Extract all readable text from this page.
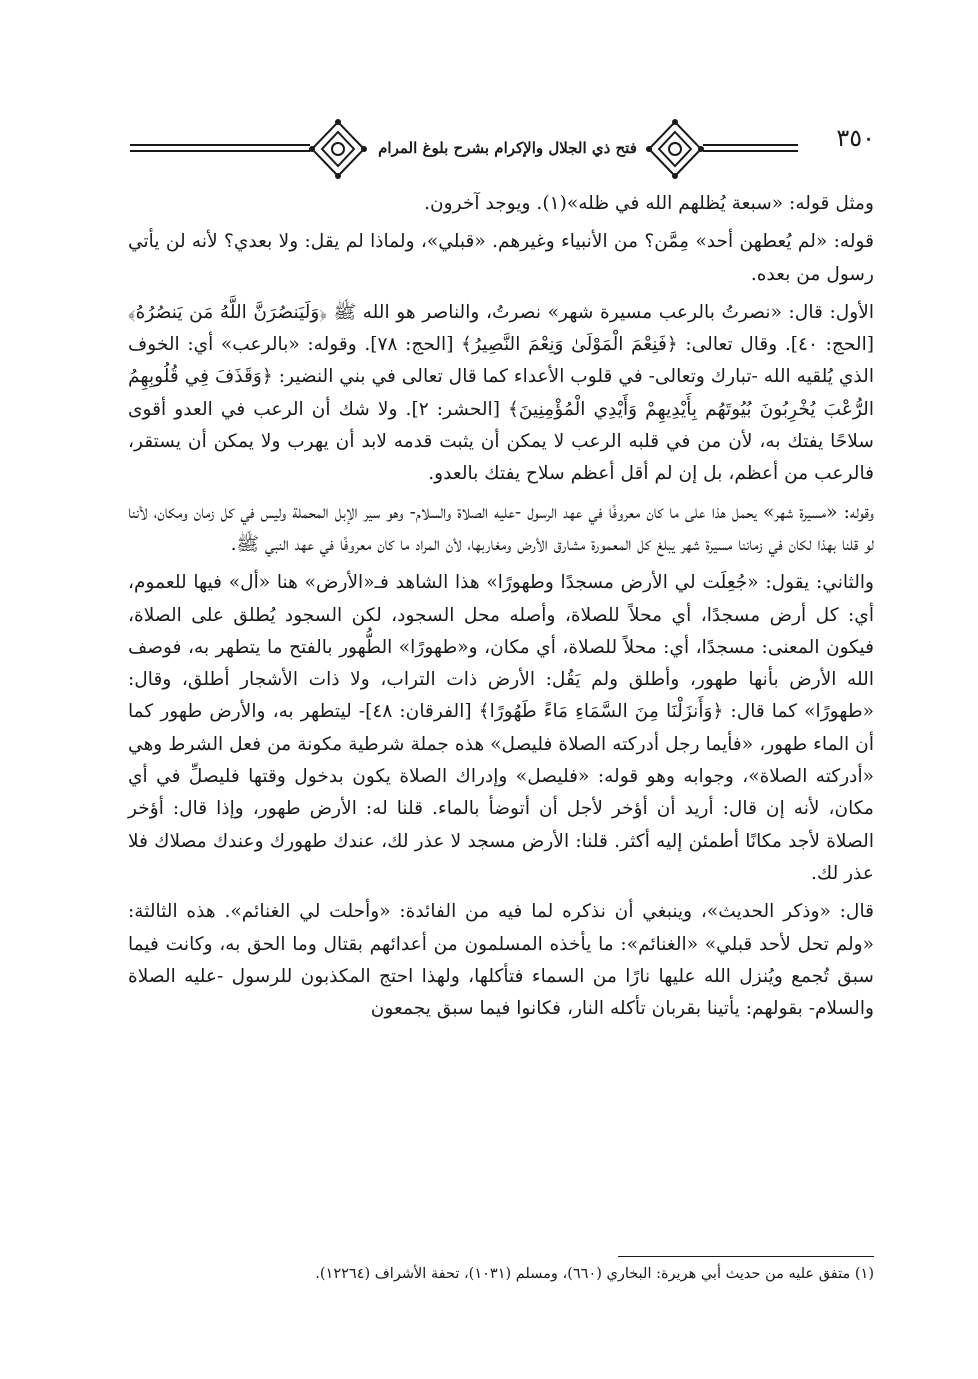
فتح ذي الجلال والإكرام بشرح بلوغ المرام	٣٥٠

ومثل قوله: «سبعة يُظلهم الله في ظله»(١). ويوجد آخرون.

قوله: «لم يُعطهن أحد» مِمَّن؟ من الأنبياء وغيرهم. «قبلي»، ولماذا لم يقل: ولا بعدي؟ لأنه لن يأتي رسول من بعده.

الأول: قال: «نصرتُ بالرعب مسيرة شهر» نصرتُ، والناصر هو الله ﷺ ﴿وَلَيَنصُرَنَّ اللَّهُ مَن يَنصُرُهُ﴾ [الحج: ٤٠]. وقال تعالى: ﴿فَنِعْمَ الْمَوْلَىٰ وَنِعْمَ النَّصِيرُ﴾ [الحج: ٧٨]. وقوله: «بالرعب» أي: الخوف الذي يُلقيه الله -تبارك وتعالى- في قلوب الأعداء كما قال تعالى في بني النضير: ﴿وَقَذَفَ فِي قُلُوبِهِمُ الرُّعْبَ يُخْرِبُونَ بُيُوتَهُم بِأَيْدِيهِمْ وَأَيْدِي الْمُؤْمِنِينَ﴾ [الحشر: ٢]. ولا شك أن الرعب في العدو أقوى سلاحًا يفتك به، لأن من في قلبه الرعب لا يمكن أن يثبت قدمه لابد أن يهرب ولا يمكن أن يستقر، فالرعب من أعظم، بل إن لم أقل أعظم سلاح يفتك بالعدو.

وقوله: «مسيرة شهر» يحمل هذا على ما كان معروفًا في عهد الرسول -عليه الصلاة والسلام- وهو سير الإبل المحملة وليس في كل زمان ومكان، لأننا لو قلنا بهذا لكان في زماننا مسيرة شهر يبلغ كل المعمورة مشارق الأرض ومغاربها، لأن المراد ما كان معروفًا في عهد النبي ﷺ.

والثاني: يقول: «جُعِلَت لي الأرض مسجدًا وطهورًا» هذا الشاهد فـ«الأرض» هنا «أل» فيها للعموم، أي: كل أرض مسجدًا، أي محلاً للصلاة، وأصله محل السجود، لكن السجود يُطلق على الصلاة، فيكون المعنى: مسجدًا، أي: محلاً للصلاة، أي مكان، و«طهورًا» الطُّهور بالفتح ما يتطهر به، فوصف الله الأرض بأنها طهور، وأطلق ولم يَقُل: الأرض ذات التراب، ولا ذات الأشجار أطلق، وقال: «طهورًا» كما قال: ﴿وَأَنزَلْنَا مِنَ السَّمَاءِ مَاءً طَهُورًا﴾ [الفرقان: ٤٨]- ليتطهر به، والأرض طهور كما أن الماء طهور، «فأيما رجل أدركته الصلاة فليصل» هذه جملة شرطية مكونة من فعل الشرط وهي «أدركته الصلاة»، وجوابه وهو قوله: «فليصل» وإدراك الصلاة يكون بدخول وقتها فليصلِّ في أي مكان، لأنه إن قال: أريد أن أؤخر لأجل أن أتوضأ بالماء. قلنا له: الأرض طهور، وإذا قال: أؤخر الصلاة لأجد مكانًا أطمئن إليه أكثر. قلنا: الأرض مسجد لا عذر لك، عندك طهورك وعندك مصلاك فلا عذر لك.

قال: «وذكر الحديث»، وينبغي أن نذكره لما فيه من الفائدة: «وأحلت لي الغنائم». هذه الثالثة: «ولم تحل لأحد قبلي» «الغنائم»: ما يأخذه المسلمون من أعدائهم بقتال وما الحق به، وكانت فيما سبق تُجمع ويُنزل الله عليها نارًا من السماء فتأكلها، ولهذا احتج المكذبون للرسول -عليه الصلاة والسلام- بقولهم: يأتينا بقربان تأكله النار، فكانوا فيما سبق يجمعون

(١) متفق عليه من حديث أبي هريرة: البخاري (٦٦٠)، ومسلم (١٠٣١)، تحفة الأشراف (١٢٢٦٤).
